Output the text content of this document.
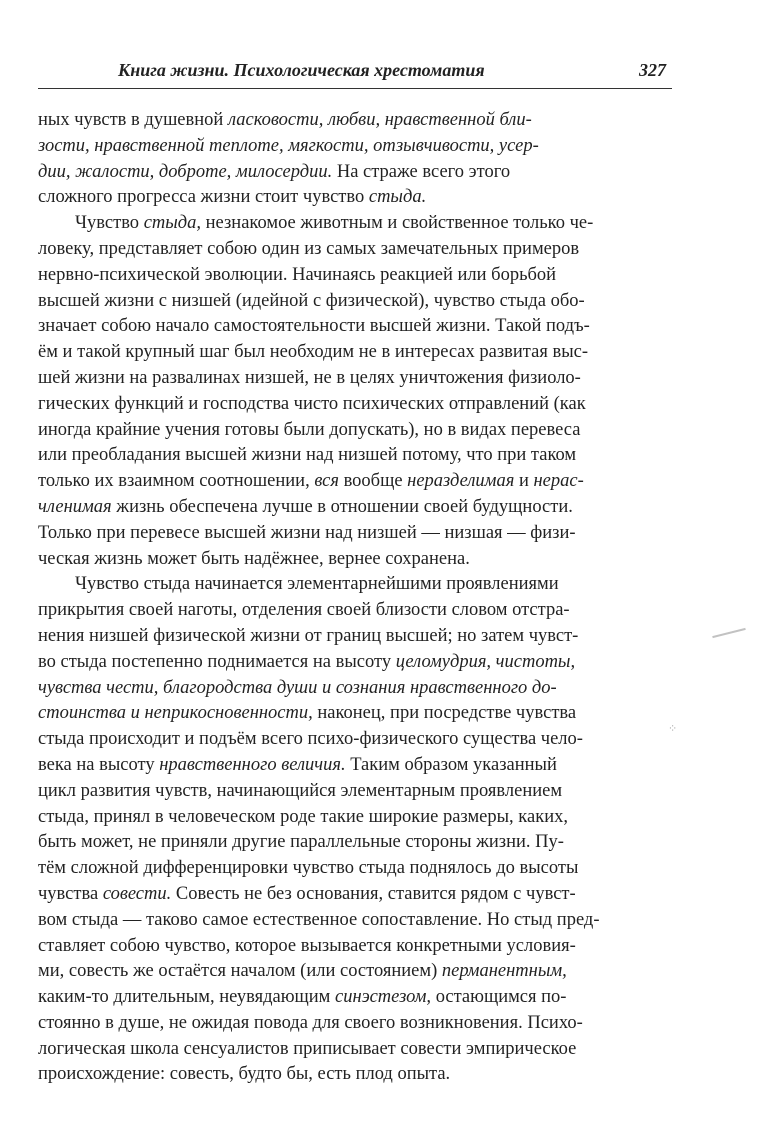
Книга жизни. Психологическая хрестоматия	327
ных чувств в душевной ласковости, любви, нравственной бли-
зости, нравственной теплоте, мягкости, отзывчивости, усер-
дии, жалости, доброте, милосердии. На страже всего этого
сложного прогресса жизни стоит чувство стыда.
Чувство стыда, незнакомое животным и свойственное только че-
ловеку, представляет собою один из самых замечательных примеров
нервно-психической эволюции. Начинаясь реакцией или борьбой
высшей жизни с низшей (идейной с физической), чувство стыда обо-
значает собою начало самостоятельности высшей жизни. Такой подъ-
ём и такой крупный шаг был необходим не в интересах развитая выс-
шей жизни на развалинах низшей, не в целях уничтожения физиоло-
гических функций и господства чисто психических отправлений (как
иногда крайние учения готовы были допускать), но в видах перевеса
или преобладания высшей жизни над низшей потому, что при таком
только их взаимном соотношении, вся вообще неразделимая и нерас-
членимая жизнь обеспечена лучше в отношении своей будущности.
Только при перевесе высшей жизни над низшей — низшая — физи-
ческая жизнь может быть надёжнее, вернее сохранена.
Чувство стыда начинается элементарнейшими проявлениями
прикрытия своей наготы, отделения своей близости словом отстра-
нения низшей физической жизни от границ высшей; но затем чувст-
во стыда постепенно поднимается на высоту целомудрия, чистоты,
чувства чести, благородства души и сознания нравственного до-
стоинства и неприкосновенности, наконец, при посредстве чувства
стыда происходит и подъём всего психо-физического существа чело-
века на высоту нравственного величия. Таким образом указанный
цикл развития чувств, начинающийся элементарным проявлением
стыда, принял в человеческом роде такие широкие размеры, каких,
быть может, не приняли другие параллельные стороны жизни. Пу-
тём сложной дифференцировки чувство стыда поднялось до высоты
чувства совести. Совесть не без основания, ставится рядом с чувст-
вом стыда — таково самое естественное сопоставление. Но стыд пред-
ставляет собою чувство, которое вызывается конкретными условия-
ми, совесть же остаётся началом (или состоянием) перманентным,
каким-то длительным, неувядающим синэстезом, остающимся по-
стоянно в душе, не ожидая повода для своего возникновения. Психо-
логическая школа сенсуалистов приписывает совести эмпирическое
происхождение: совесть, будто бы, есть плод опыта.
⁘
